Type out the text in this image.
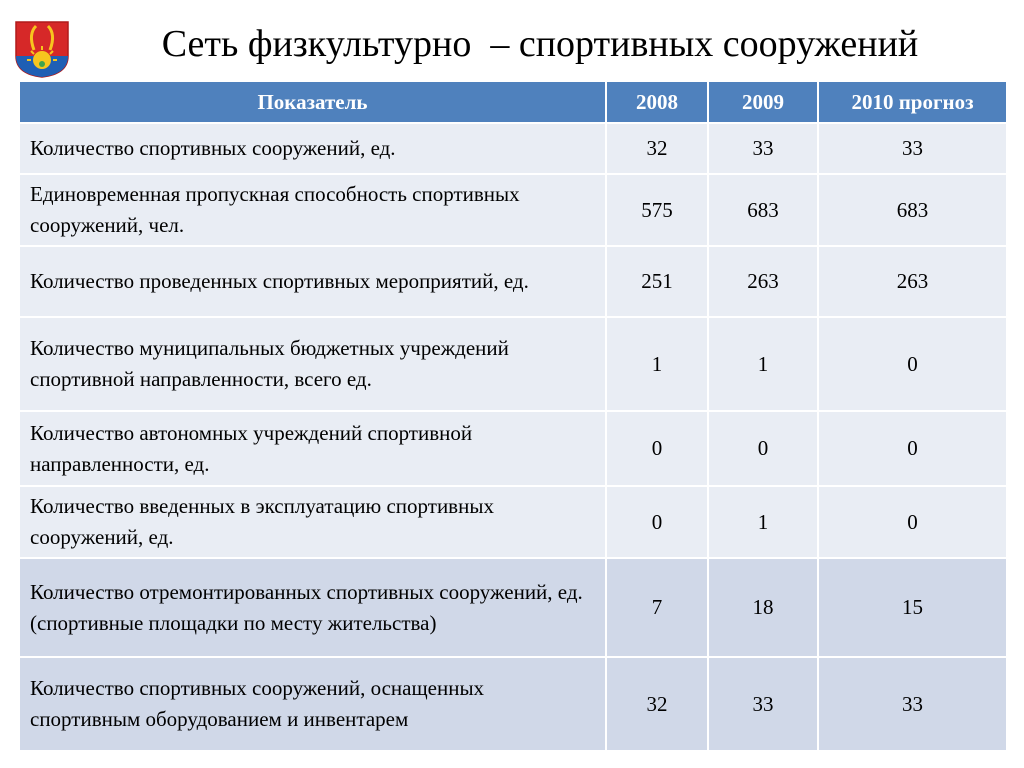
Сеть физкультурно  – спортивных сооружений
Показатель	2008	2009	2010 прогноз
Количество спортивных сооружений, ед.	32	33	33
Единовременная пропускная способность спортивных сооружений, чел.	575	683	683
Количество проведенных спортивных мероприятий, ед.	251	263	263
Количество муниципальных бюджетных учреждений спортивной направленности, всего ед.	1	1	0
Количество автономных учреждений спортивной направленности, ед.	0	0	0
Количество введенных в эксплуатацию спортивных сооружений, ед.	0	1	0
Количество отремонтированных спортивных сооружений, ед. (спортивные площадки по месту жительства)	7	18	15
Количество спортивных сооружений, оснащенных спортивным оборудованием и инвентарем	32	33	33
